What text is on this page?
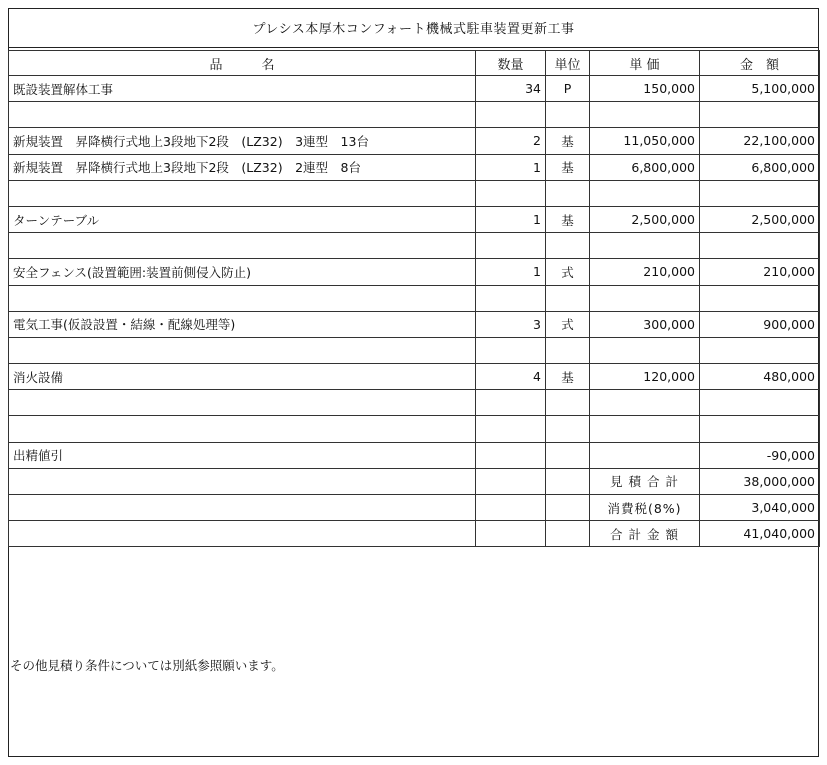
プレシス本厚木コンフォート機械式駐車装置更新工事
品　　　名	数量	単位	単 価	金　額
既設装置解体工事	34	P	150,000	5,100,000

新規装置　昇降横行式地上3段地下2段　(LZ32)　3連型　13台	2	基	11,050,000	22,100,000
新規装置　昇降横行式地上3段地下2段　(LZ32)　2連型　8台	1	基	6,800,000	6,800,000

ターンテーブル	1	基	2,500,000	2,500,000

安全フェンス(設置範囲:装置前側侵入防止)	1	式	210,000	210,000

電気工事(仮設設置・結線・配線処理等)	3	式	300,000	900,000

消火設備	4	基	120,000	480,000

出精値引				-90,000
			見 積 合 計	38,000,000
			消費税(8%)	3,040,000
			合 計 金 額	41,040,000
その他見積り条件については別紙参照願います。
